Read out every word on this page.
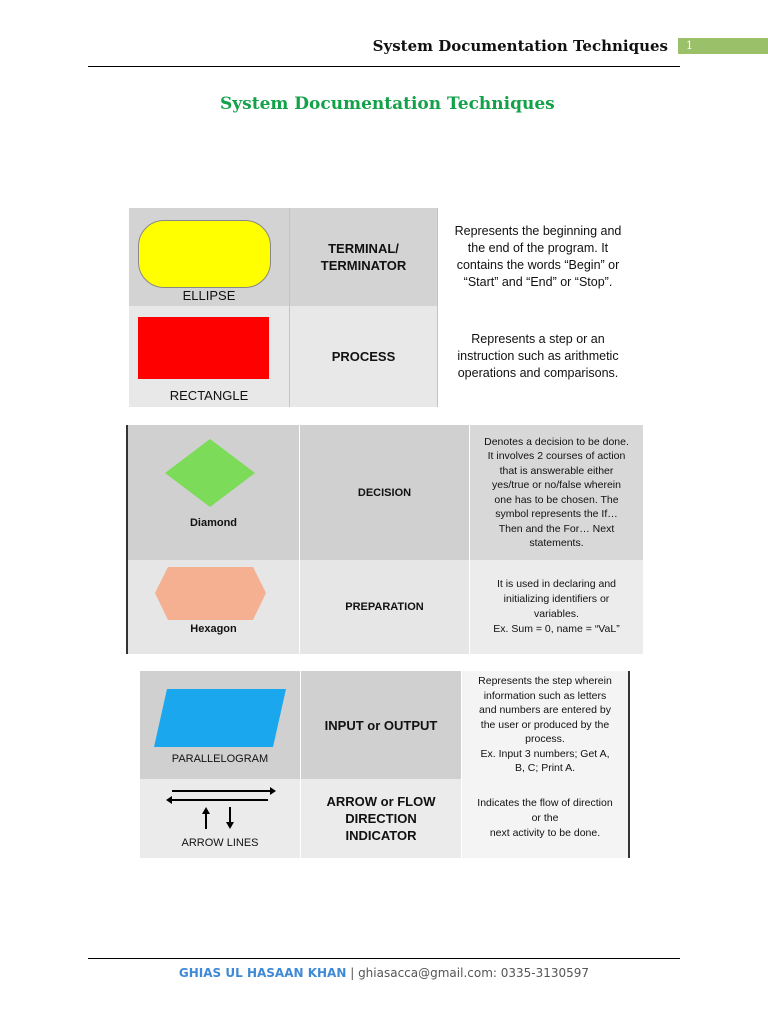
System Documentation Techniques	1
System Documentation Techniques
ELLIPSE
TERMINAL/
TERMINATOR
Represents the beginning and
the end of the program. It
contains the words “Begin” or
“Start” and “End” or “Stop”.
RECTANGLE
PROCESS
Represents a step or an
instruction such as arithmetic
operations and comparisons.
Diamond
DECISION
Denotes a decision to be done.
It involves 2 courses of action
that is answerable either
yes/true or no/false wherein
one has to be chosen. The
symbol represents the If…
Then and the For… Next
statements.
Hexagon
PREPARATION
It is used in declaring and
initializing identifiers or
variables.
Ex. Sum = 0, name = “VaL”
PARALLELOGRAM
INPUT or OUTPUT
Represents the step wherein
information such as letters
and numbers are entered by
the user or produced by the
process.
Ex. Input 3 numbers; Get A,
B, C; Print A.
ARROW LINES
ARROW or FLOW
DIRECTION
INDICATOR
Indicates the flow of direction
or the
next activity to be done.
GHIAS UL HASAAN KHAN | ghiasacca@gmail.com: 0335-3130597
